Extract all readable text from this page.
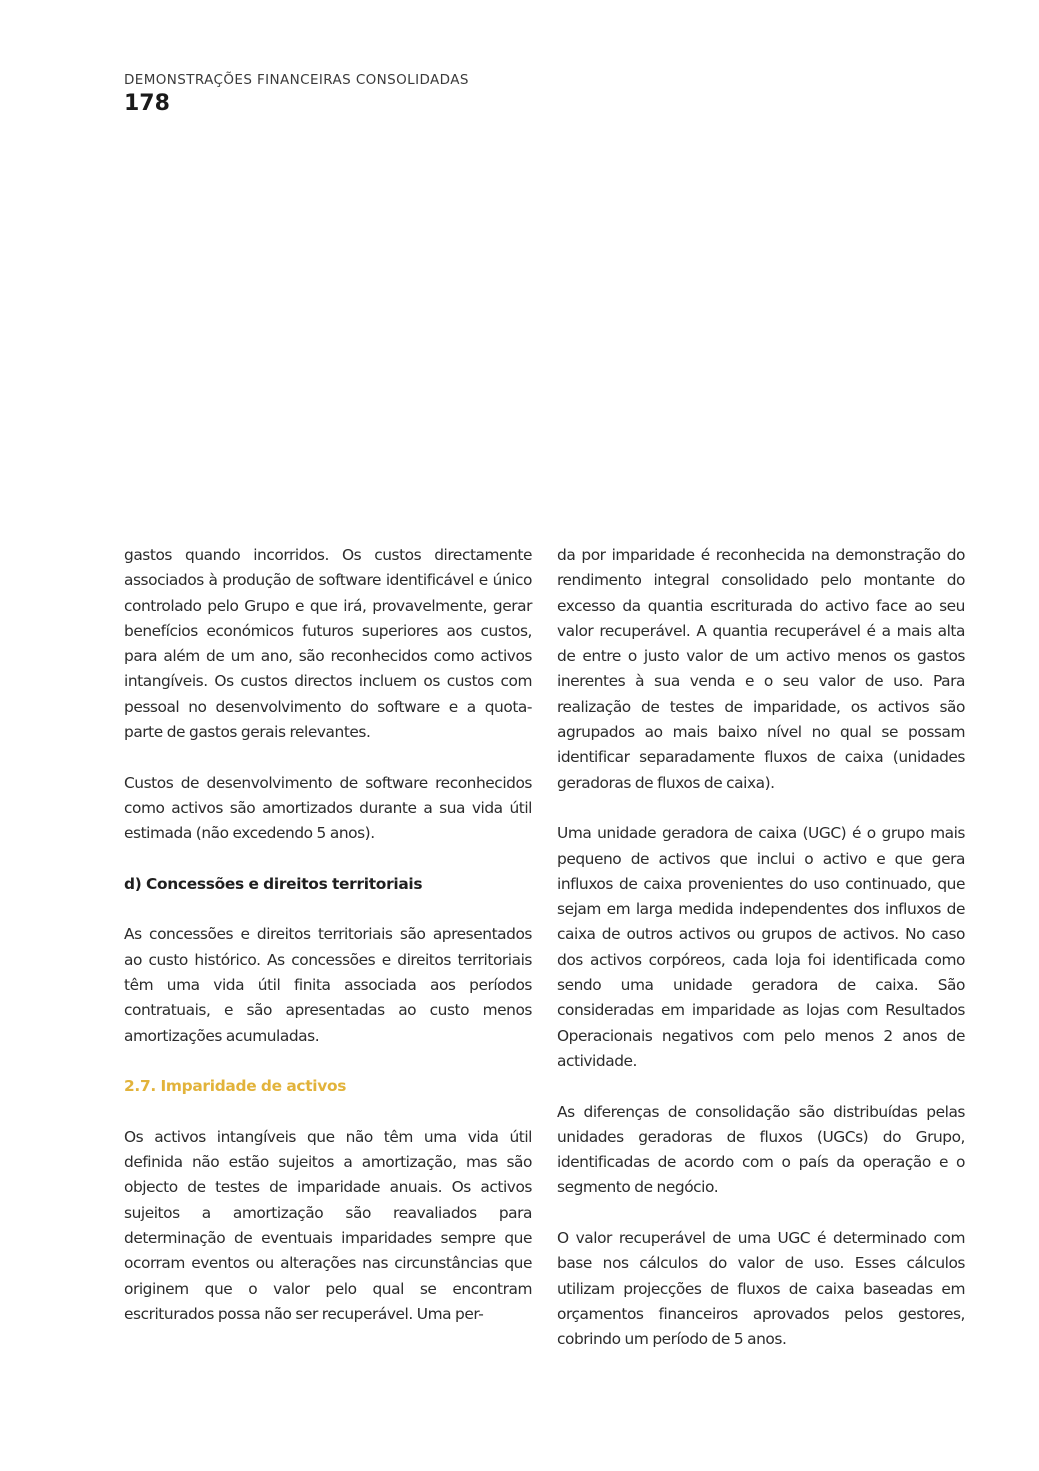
DEMONSTRAÇÕES FINANCEIRAS CONSOLIDADAS
178

gastos quando incorridos. Os custos directamente associados à produção de software identificável e único controlado pelo Grupo e que irá, provavelmente, gerar benefícios económicos futuros superiores aos custos, para além de um ano, são reconhecidos como activos intangíveis. Os custos directos incluem os custos com pessoal no desenvolvimento do software e a quota-parte de gastos gerais relevantes.

Custos de desenvolvimento de software reconhecidos como activos são amortizados durante a sua vida útil estimada (não excedendo 5 anos).

d) Concessões e direitos territoriais

As concessões e direitos territoriais são apresentados ao custo histórico. As concessões e direitos territoriais têm uma vida útil finita associada aos períodos contratuais, e são apresentadas ao custo menos amortizações acumuladas.

2.7. Imparidade de activos

Os activos intangíveis que não têm uma vida útil definida não estão sujeitos a amortização, mas são objecto de testes de imparidade anuais. Os activos sujeitos a amortização são reavaliados para determinação de eventuais imparidades sempre que ocorram eventos ou alterações nas circunstâncias que originem que o valor pelo qual se encontram escriturados possa não ser recuperável. Uma per-

da por imparidade é reconhecida na demonstração do rendimento integral consolidado pelo montante do excesso da quantia escriturada do activo face ao seu valor recuperável. A quantia recuperável é a mais alta de entre o justo valor de um activo menos os gastos inerentes à sua venda e o seu valor de uso. Para realização de testes de imparidade, os activos são agrupados ao mais baixo nível no qual se possam identificar separadamente fluxos de caixa (unidades geradoras de fluxos de caixa).

Uma unidade geradora de caixa (UGC) é o grupo mais pequeno de activos que inclui o activo e que gera influxos de caixa provenientes do uso continuado, que sejam em larga medida independentes dos influxos de caixa de outros activos ou grupos de activos. No caso dos activos corpóreos, cada loja foi identificada como sendo uma unidade geradora de caixa. São consideradas em imparidade as lojas com Resultados Operacionais negativos com pelo menos 2 anos de actividade.

As diferenças de consolidação são distribuídas pelas unidades geradoras de fluxos (UGCs) do Grupo, identificadas de acordo com o país da operação e o segmento de negócio.

O valor recuperável de uma UGC é determinado com base nos cálculos do valor de uso. Esses cálculos utilizam projecções de fluxos de caixa baseadas em orçamentos financeiros aprovados pelos gestores, cobrindo um período de 5 anos.
